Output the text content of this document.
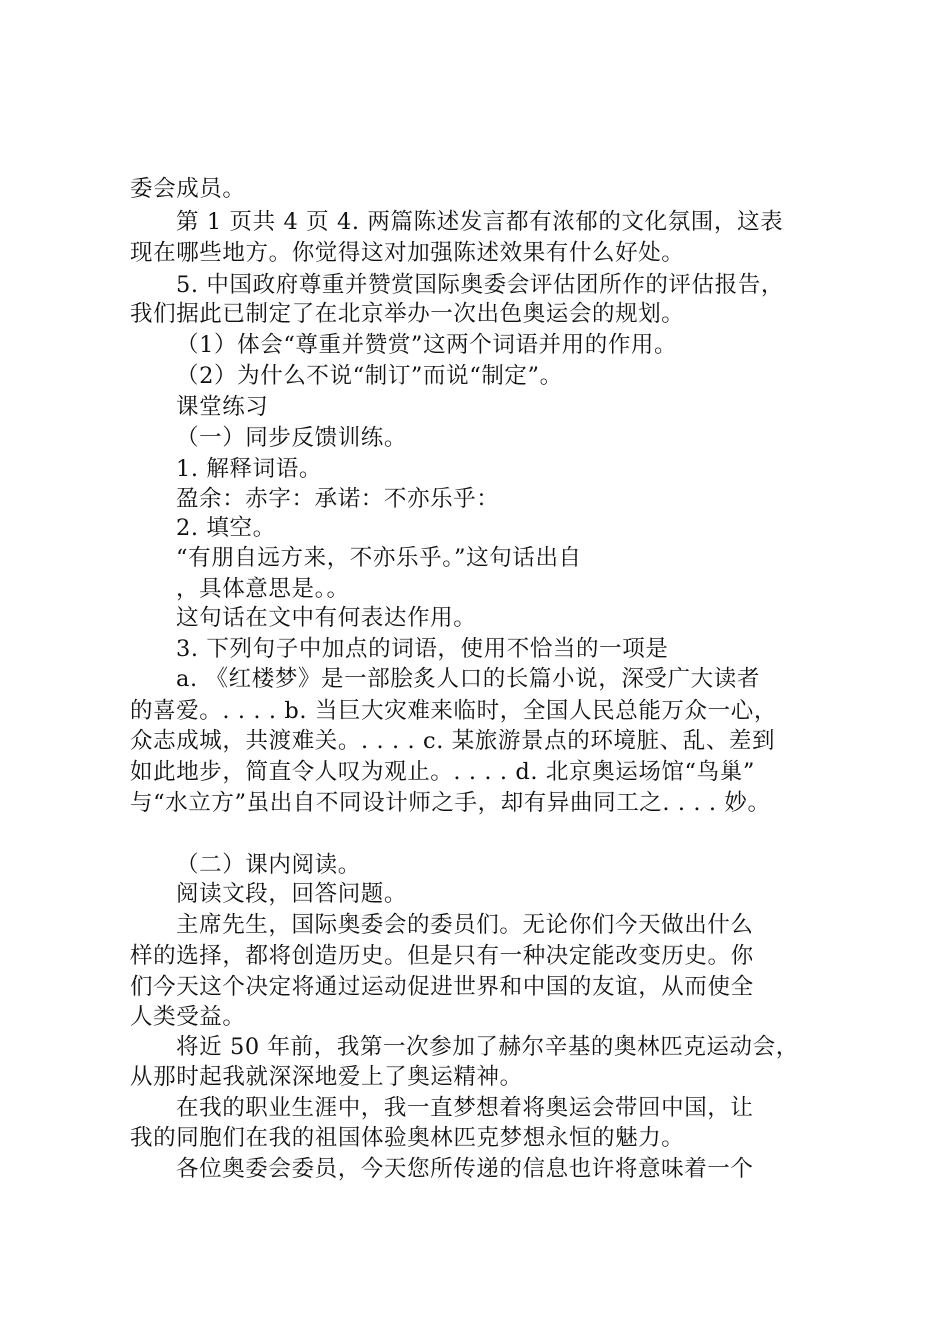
委会成员。
第 1 页共 4 页 4. 两篇陈述发言都有浓郁的文化氛围，这表
现在哪些地方。你觉得这对加强陈述效果有什么好处。
5. 中国政府尊重并赞赏国际奥委会评估团所作的评估报告，
我们据此已制定了在北京举办一次出色奥运会的规划。
（1）体会“尊重并赞赏”这两个词语并用的作用。
（2）为什么不说“制订”而说“制定”。
课堂练习
（一）同步反馈训练。
1. 解释词语。
盈余：赤字：承诺：不亦乐乎：
2. 填空。
“有朋自远方来，不亦乐乎。”这句话出自
，具体意思是。。
这句话在文中有何表达作用。
3. 下列句子中加点的词语，使用不恰当的一项是
a. 《红楼梦》是一部脍炙人口的长篇小说，深受广大读者
的喜爱。. . . . b. 当巨大灾难来临时，全国人民总能万众一心，
众志成城，共渡难关。. . . . c. 某旅游景点的环境脏、乱、差到
如此地步，简直令人叹为观止。. . . . d. 北京奥运场馆“鸟巢”
与“水立方”虽出自不同设计师之手，却有异曲同工之. . . . 妙。
（二）课内阅读。
阅读文段，回答问题。
主席先生，国际奥委会的委员们。无论你们今天做出什么
样的选择，都将创造历史。但是只有一种决定能改变历史。你
们今天这个决定将通过运动促进世界和中国的友谊，从而使全
人类受益。
将近 50 年前，我第一次参加了赫尔辛基的奥林匹克运动会，
从那时起我就深深地爱上了奥运精神。
在我的职业生涯中，我一直梦想着将奥运会带回中国，让
我的同胞们在我的祖国体验奥林匹克梦想永恒的魅力。
各位奥委会委员，今天您所传递的信息也许将意味着一个
